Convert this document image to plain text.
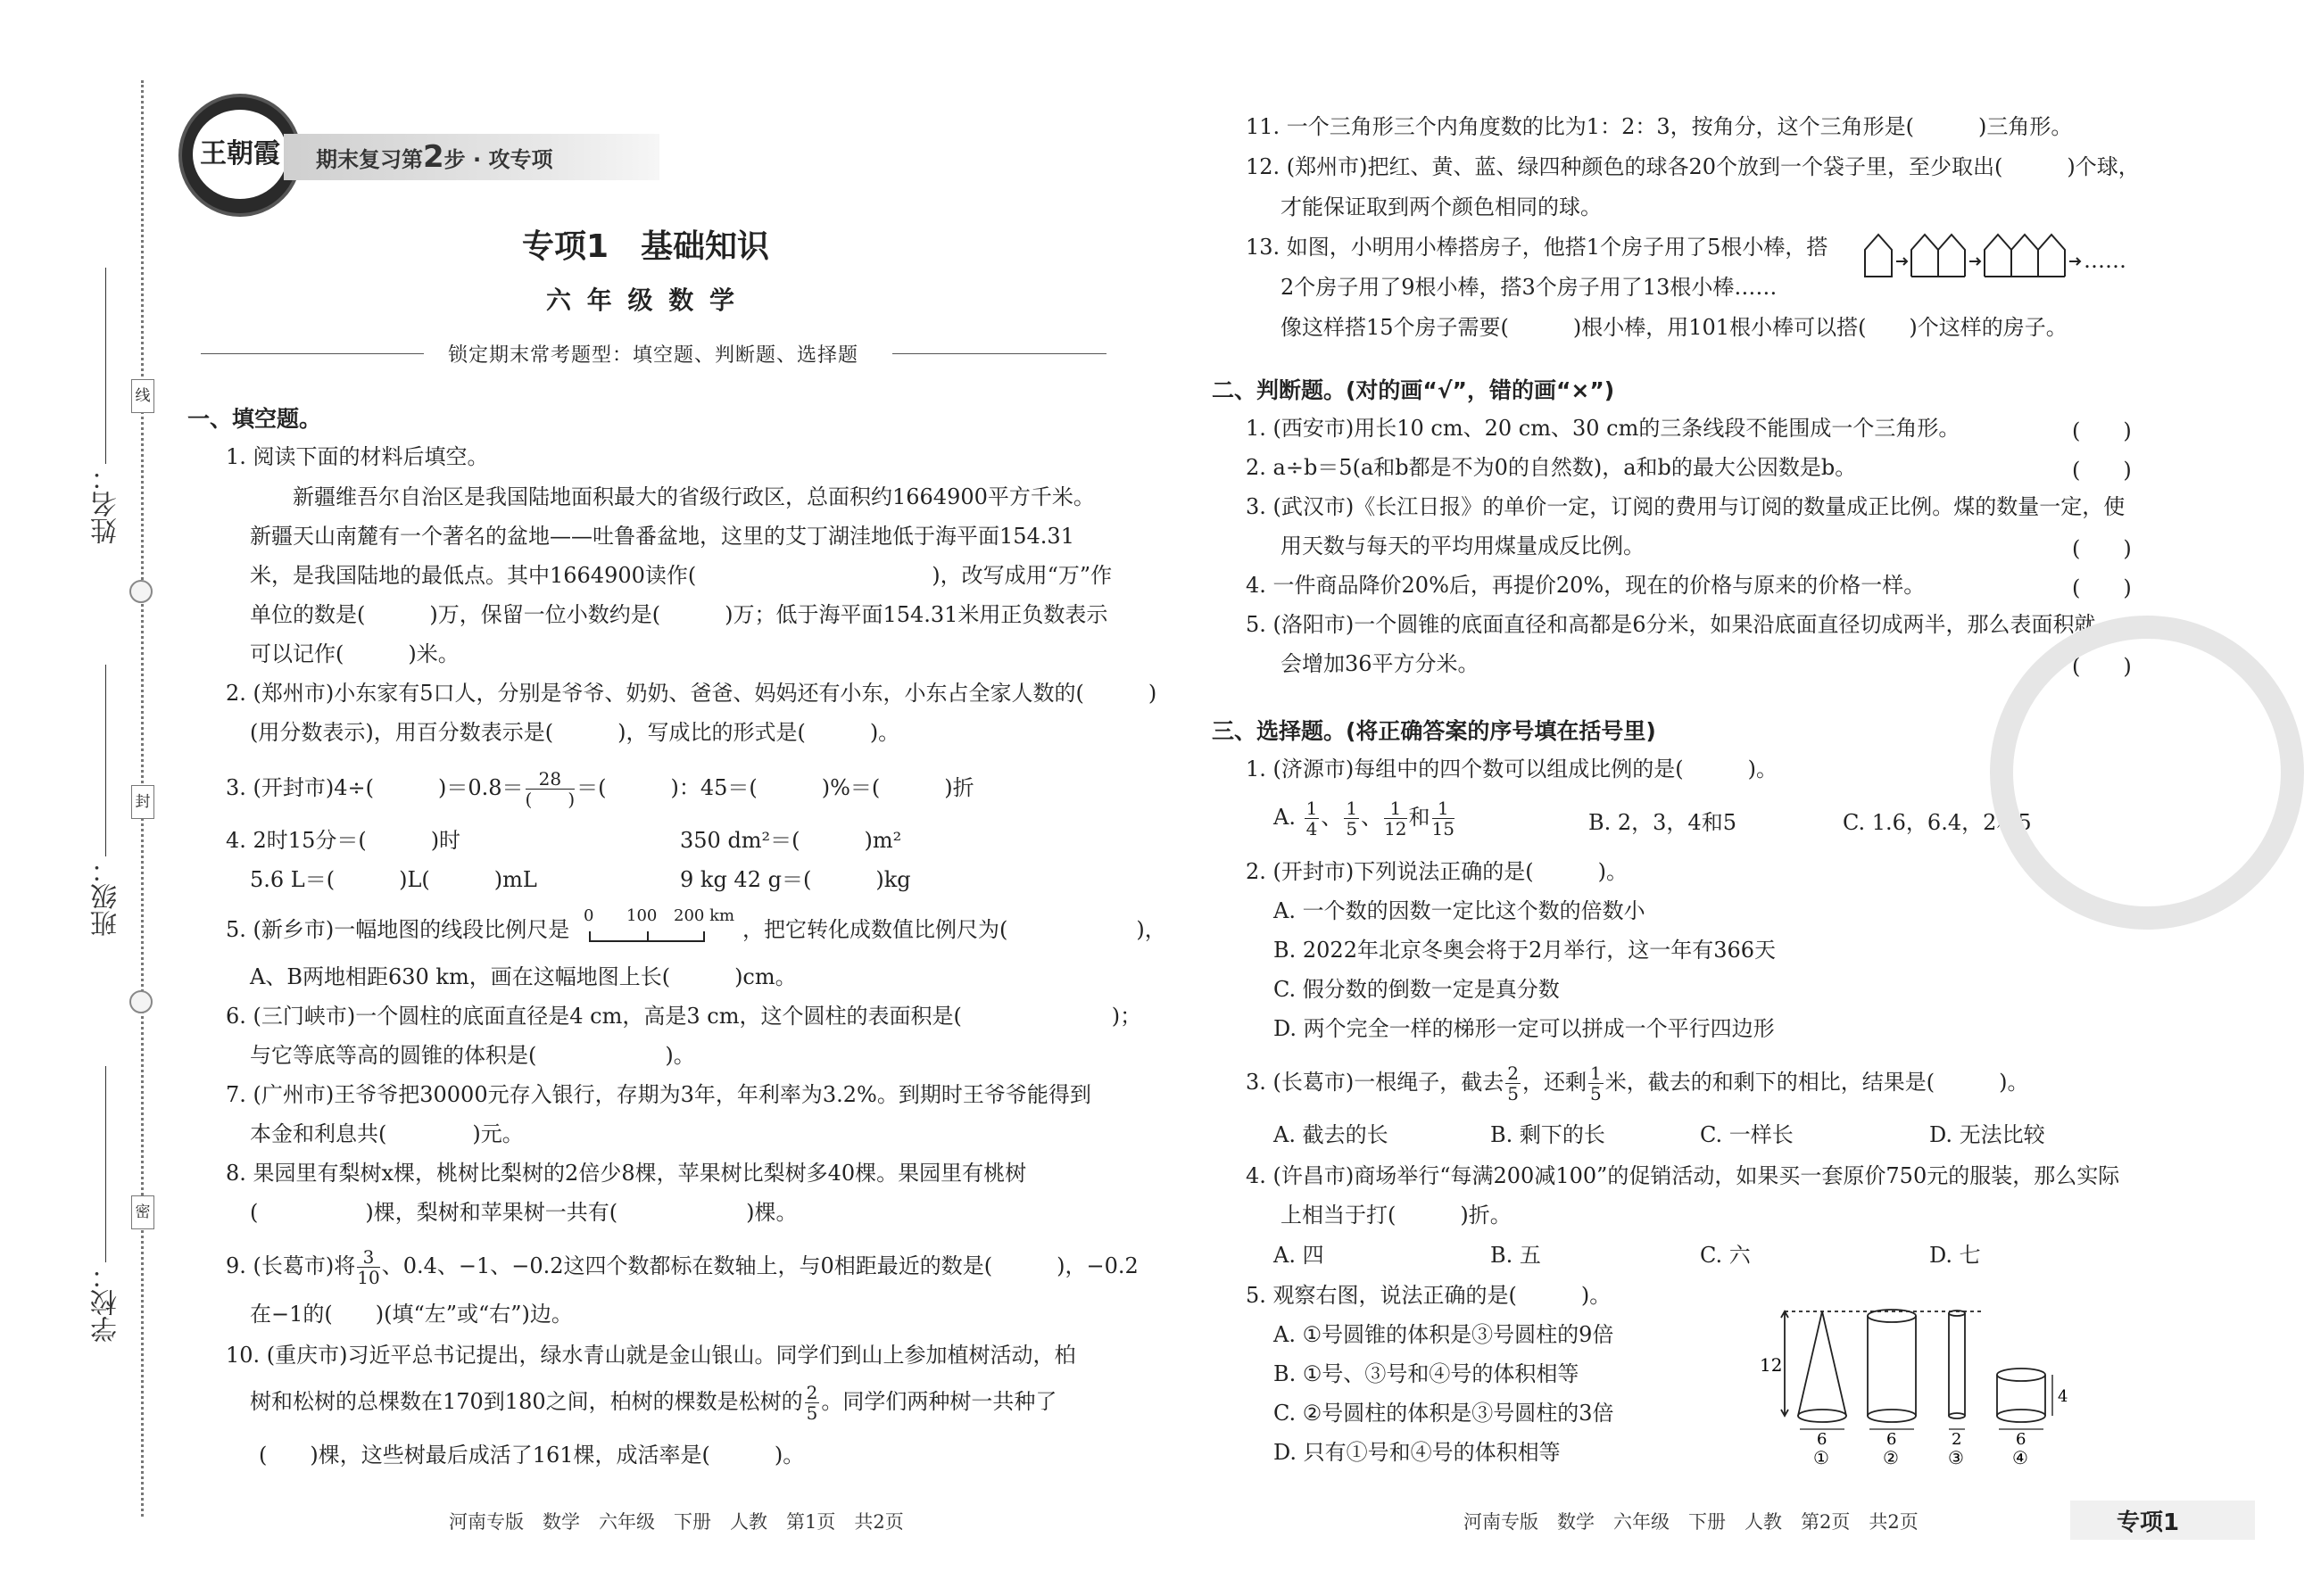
线
封
密
姓名：
班级：
学校：
王朝霞	期末复习第2步 · 攻专项
专项1　基础知识
六 年 级 数 学
锁定期末常考题型：填空题、判断题、选择题
一、填空题。
1. 阅读下面的材料后填空。
　　新疆维吾尔自治区是我国陆地面积最大的省级行政区，总面积约1664900平方千米。
新疆天山南麓有一个著名的盆地——吐鲁番盆地，这里的艾丁湖洼地低于海平面154.31
米，是我国陆地的最低点。其中1664900读作(　　　　　　　　　　　)，改写成用“万”作
单位的数是(　　　)万，保留一位小数约是(　　　)万；低于海平面154.31米用正负数表示
可以记作(　　　)米。
2. (郑州市)小东家有5口人，分别是爷爷、奶奶、爸爸、妈妈还有小东，小东占全家人数的(　　　)
(用分数表示)，用百分数表示是(　　　)，写成比的形式是(　　　)。
3. (开封市)4÷(　　　)$=0.8= \frac{28}{( )}$ ＝(　　　)：45＝(　　　)%＝(　　　)折
4. 2时15分＝(　　　)时	350 dm²＝(　　　)m²
5.6 L＝(　　　)L(　　　)mL	9 kg 42 g＝(　　　)kg
5. (新乡市)一幅地图的线段比例尺是
0 100 200 km
，把它转化成数值比例尺为(　　　　　　)，
A、B两地相距630 km，画在这幅地图上长(　　　)cm。
6. (三门峡市)一个圆柱的底面直径是4 cm，高是3 cm，这个圆柱的表面积是(　　　　　　　)；
与它等底等高的圆锥的体积是(　　　　　　)。
7. (广州市)王爷爷把30000元存入银行，存期为3年，年利率为3.2%。到期时王爷爷能得到
本金和利息共(　　　　)元。
8. 果园里有梨树x棵，桃树比梨树的2倍少8棵，苹果树比梨树多40棵。果园里有桃树
(　　　　　)棵，梨树和苹果树一共有(　　　　　　)棵。
9. (长葛市)将 $\frac{3}{10}$ 、0.4、−1、−0.2这四个数都标在数轴上，与0相距最近的数是(　　　)，−0.2
在−1的(　　)(填“左”或“右”)边。
10. (重庆市)习近平总书记提出，绿水青山就是金山银山。同学们到山上参加植树活动，柏
树和松树的总棵数在170到180之间，柏树的棵数是松树的 $\frac{2}{5}$ 。同学们两种树一共种了
(　　)棵，这些树最后成活了161棵，成活率是(　　　)。
河南专版　数学　六年级　下册　人教　第1页　共2页
11. 一个三角形三个内角度数的比为1：2：3，按角分，这个三角形是(　　　)三角形。
12. (郑州市)把红、黄、蓝、绿四种颜色的球各20个放到一个袋子里，至少取出(　　　)个球，
才能保证取到两个颜色相同的球。
13. 如图，小明用小棒搭房子，他搭1个房子用了5根小棒，搭
2个房子用了9根小棒，搭3个房子用了13根小棒……
像这样搭15个房子需要(　　　)根小棒，用101根小棒可以搭(　　)个这样的房子。
……
二、判断题。(对的画“√”，错的画“×”)
1. (西安市)用长10 cm、20 cm、30 cm的三条线段不能围成一个三角形。	(　　)
2. a÷b＝5(a和b都是不为0的自然数)，a和b的最大公因数是b。	(　　)
3. (武汉市)《长江日报》的单价一定，订阅的费用与订阅的数量成正比例。煤的数量一定，使
用天数与每天的平均用煤量成反比例。	(　　)
4. 一件商品降价20%后，再提价20%，现在的价格与原来的价格一样。	(　　)
5. (洛阳市)一个圆锥的底面直径和高都是6分米，如果沿底面直径切成两半，那么表面积就
会增加36平方分米。	(　　)
三、选择题。(将正确答案的序号填在括号里)
1. (济源市)每组中的四个数可以组成比例的是(　　　)。
A. $\frac{1}{4}$ 、 $\frac{1}{5}$ 、 $\frac{1}{12}$ 和 $\frac{1}{15}$	B. 2，3，4和5	C. 1.6，6.4，2和5
2. (开封市)下列说法正确的是(　　　)。
A. 一个数的因数一定比这个数的倍数小
B. 2022年北京冬奥会将于2月举行，这一年有366天
C. 假分数的倒数一定是真分数
D. 两个完全一样的梯形一定可以拼成一个平行四边形
3. (长葛市)一根绳子，截去 $\frac{2}{5}$ ，还剩 $\frac{1}{5}$ 米，截去的和剩下的相比，结果是(　　　)。
A. 截去的长	B. 剩下的长	C. 一样长	D. 无法比较
4. (许昌市)商场举行“每满200减100”的促销活动，如果买一套原价750元的服装，那么实际
上相当于打(　　　)折。
A. 四	B. 五	C. 六	D. 七
5. 观察右图，说法正确的是(　　　)。
A. ①号圆锥的体积是③号圆柱的9倍
B. ①号、③号和④号的体积相等
C. ②号圆柱的体积是③号圆柱的3倍
D. 只有①号和④号的体积相等
12
4
6	6	2	6
①	②	③	④
河南专版　数学　六年级　下册　人教　第2页　共2页	专项1
